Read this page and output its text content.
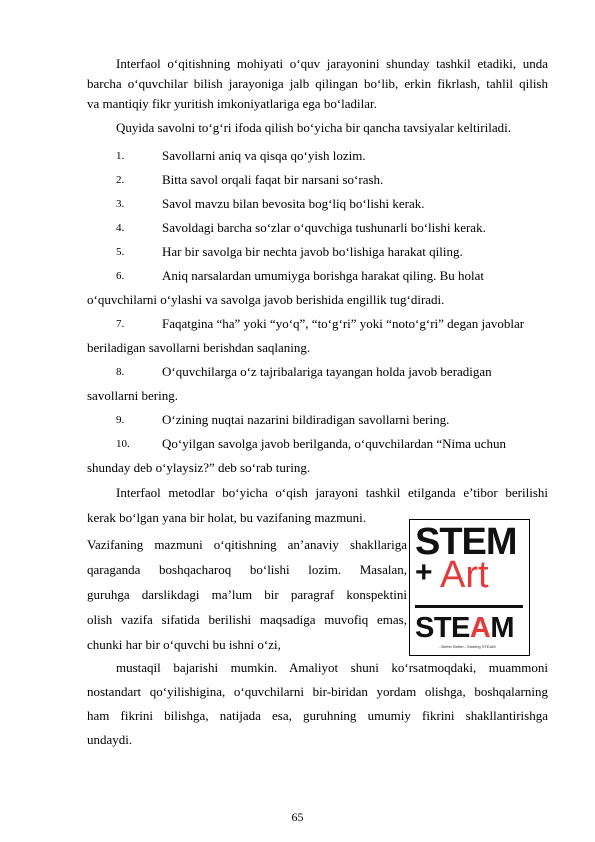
Interfaol o‘qitishning mohiyati o‘quv jarayonini shunday tashkil etadiki, unda
barcha o‘quvchilar bilish jarayoniga jalb qilingan bo‘lib, erkin fikrlash, tahlil qilish
va mantiqiy fikr yuritish imkoniyatlariga ega bo‘ladilar.
Quyida savolni to‘g‘ri ifoda qilish bo‘yicha bir qancha tavsiyalar keltiriladi.
1.	Savollarni aniq va qisqa qo‘yish lozim.
2.	Bitta savol orqali faqat bir narsani so‘rash.
3.	Savol mavzu bilan bevosita bog‘liq bo‘lishi kerak.
4.	Savoldagi barcha so‘zlar o‘quvchiga tushunarli bo‘lishi kerak.
5.	Har bir savolga bir nechta javob bo‘lishiga harakat qiling.
6.	Aniq narsalardan umumiyga borishga harakat qiling. Bu holat
o‘quvchilarni o‘ylashi va savolga javob berishida engillik tug‘diradi.
7.	Faqatgina “ha” yoki “yo‘q”, “to‘g‘ri” yoki “noto‘g‘ri” degan javoblar
beriladigan savollarni berishdan saqlaning.
8.	O‘quvchilarga o‘z tajribalariga tayangan holda javob beradigan
savollarni bering.
9.	O‘zining nuqtai nazarini bildiradigan savollarni bering.
10. Qo‘yilgan savolga javob berilganda, o‘quvchilardan “Nima uchun
shunday deb o‘ylaysiz?” deb so‘rab turing.
Interfaol metodlar bo‘yicha o‘qish jarayoni tashkil etilganda e’tibor berilishi
kerak bo‘lgan yana bir holat, bu vazifaning mazmuni.
Vazifaning mazmuni o‘qitishning an’anaviy shakllariga
qaraganda boshqacharoq bo‘lishi lozim. Masalan,
guruhga darslikdagi ma’lum bir paragraf konspektini
olish vazifa sifatida berilishi maqsadiga muvofiq emas,
chunki har bir o‘quvchi bu ishni o‘zi,
STEM
+ Art
STEAM
...Better Better...Starting STEAM
mustaqil bajarishi mumkin. Amaliyot shuni ko‘rsatmoqdaki, muammoni
nostandart qo‘yilishigina, o‘quvchilarni bir-biridan yordam olishga, boshqalarning
ham fikrini bilishga, natijada esa, guruhning umumiy fikrini shakllantirishga
undaydi.
65
